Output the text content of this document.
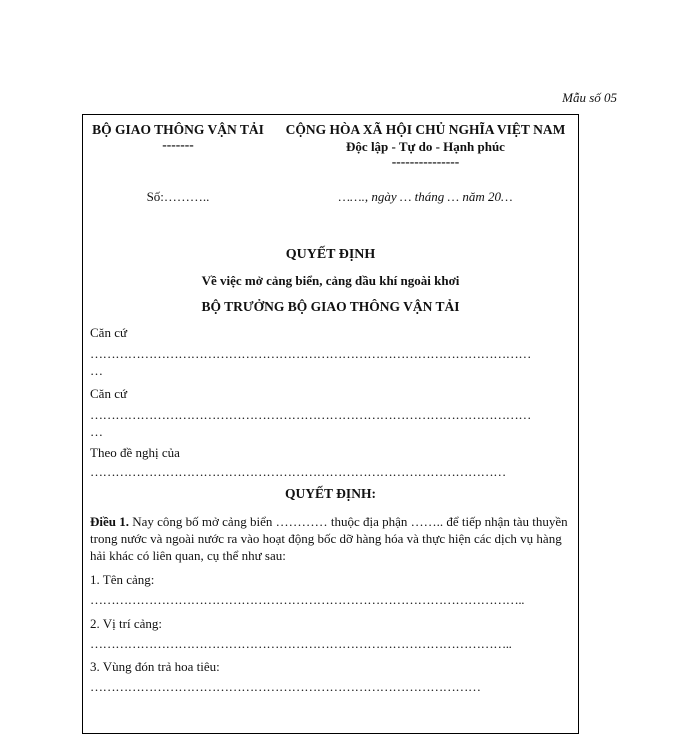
Mẫu số 05
BỘ GIAO THÔNG VẬN TẢI
-------
CỘNG HÒA XÃ HỘI CHỦ NGHĨA VIỆT NAM
Độc lập - Tự do - Hạnh phúc
---------------
Số:………..	……., ngày … tháng … năm 20…
QUYẾT ĐỊNH
Về việc mở cảng biển, cảng dầu khí ngoài khơi
BỘ TRƯỞNG BỘ GIAO THÔNG VẬN TẢI
Căn cứ
……………………………………………………………………………………………
…
Căn cứ
……………………………………………………………………………………………
…
Theo đề nghị của
………………………………………………………………………………………
QUYẾT ĐỊNH:
Điều 1. Nay công bố mở cảng biển ………… thuộc địa phận …….. để tiếp nhận tàu thuyền trong nước và ngoài nước ra vào hoạt động bốc dỡ hàng hóa và thực hiện các dịch vụ hàng hải khác có liên quan, cụ thể như sau:
1. Tên cảng:
…………………………………………………………………………………………..
2. Vị trí cảng:
………………………………………………………………………………………..
3. Vùng đón trả hoa tiêu:
…………………………………………………………………………………
